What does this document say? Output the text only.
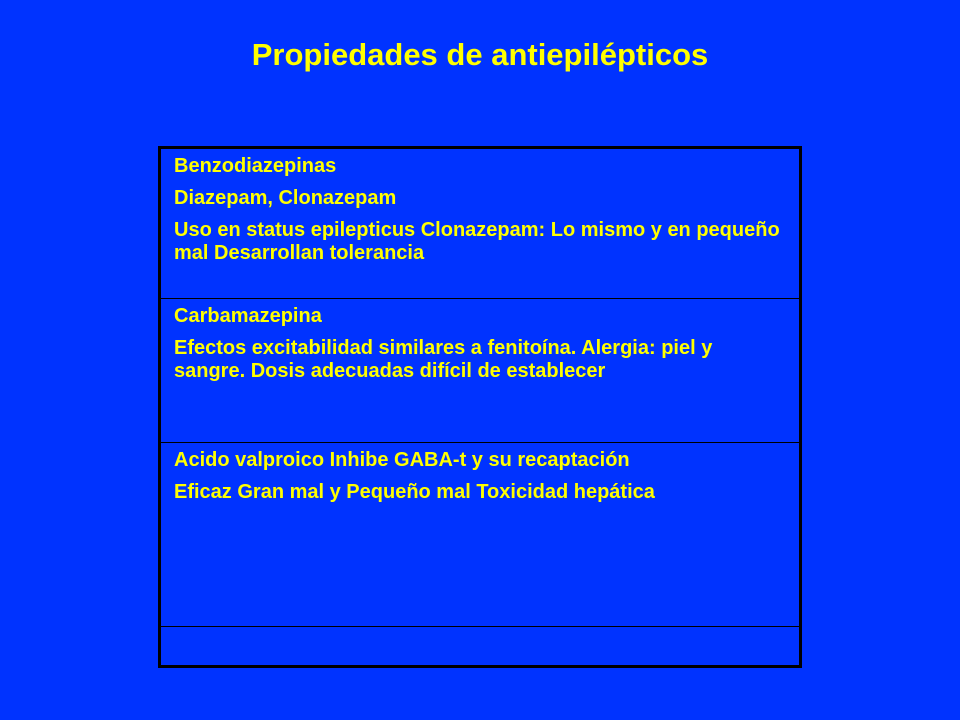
Propiedades de antiepilépticos

Benzodiazepinas

Diazepam, Clonazepam

Uso en status epilepticus Clonazepam: Lo mismo y en pequeño mal Desarrollan tolerancia

Carbamazepina

Efectos excitabilidad similares a fenitoína. Alergia: piel y sangre. Dosis adecuadas difícil de establecer

Acido valproico Inhibe GABA-t y su recaptación

Eficaz Gran mal y Pequeño mal Toxicidad hepática
